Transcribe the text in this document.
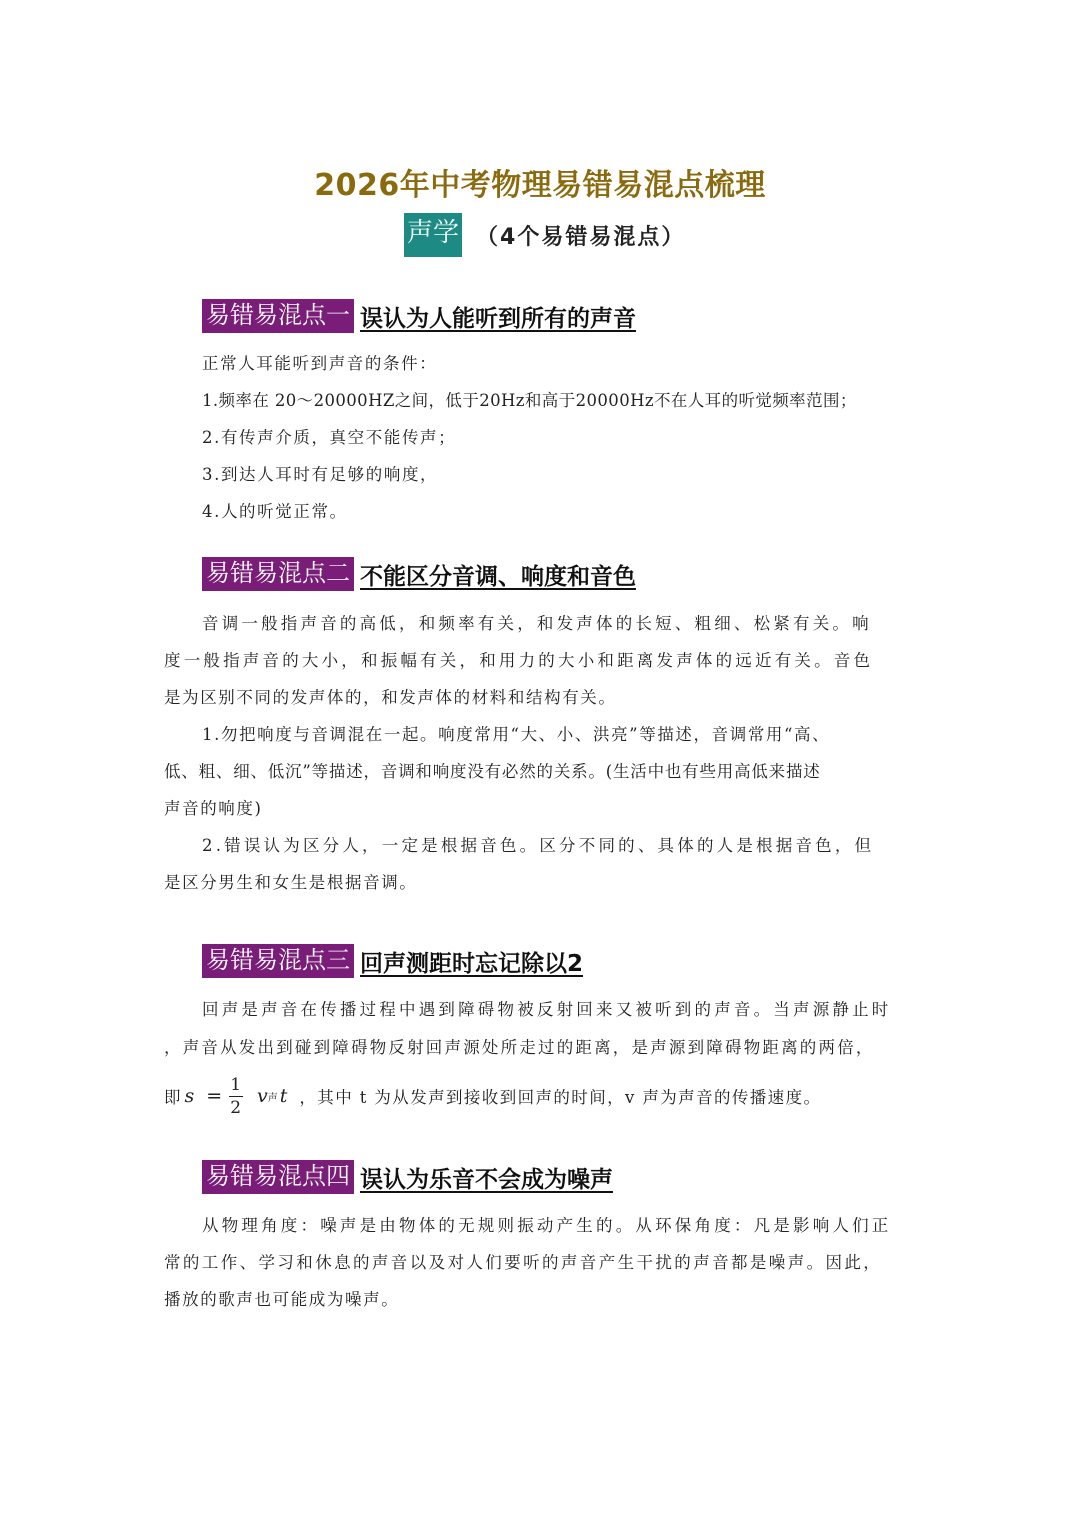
2026年中考物理易错易混点梳理
声学 （4个易错易混点）
易错易混点一 误认为人能听到所有的声音
正常人耳能听到声音的条件：
1.频率在 20～20000HZ之间，低于20Hz和高于20000Hz不在人耳的听觉频率范围；
2.有传声介质，真空不能传声；
3.到达人耳时有足够的响度，
4.人的听觉正常。
易错易混点二 不能区分音调、响度和音色
音调一般指声音的高低，和频率有关，和发声体的长短、粗细、松紧有关。响
度一般指声音的大小，和振幅有关，和用力的大小和距离发声体的远近有关。音色
是为区别不同的发声体的，和发声体的材料和结构有关。
1.勿把响度与音调混在一起。响度常用“大、小、洪亮”等描述，音调常用“高、
低、粗、细、低沉”等描述，音调和响度没有必然的关系。(生活中也有些用高低来描述
声音的响度)
2.错误认为区分人，一定是根据音色。区分不同的、具体的人是根据音色，但
是区分男生和女生是根据音调。
易错易混点三 回声测距时忘记除以2
回声是声音在传播过程中遇到障碍物被反射回来又被听到的声音。当声源静止时
，声音从发出到碰到障碍物反射回声源处所走过的距离，是声源到障碍物距离的两倍，
即 $s = \frac{1}{2}$ v 声 t ，其中 t 为从发声到接收到回声的时间，v 声为声音的传播速度。
易错易混点四 误认为乐音不会成为噪声
从物理角度：噪声是由物体的无规则振动产生的。从环保角度：凡是影响人们正
常的工作、学习和休息的声音以及对人们要听的声音产生干扰的声音都是噪声。因此，
播放的歌声也可能成为噪声。
